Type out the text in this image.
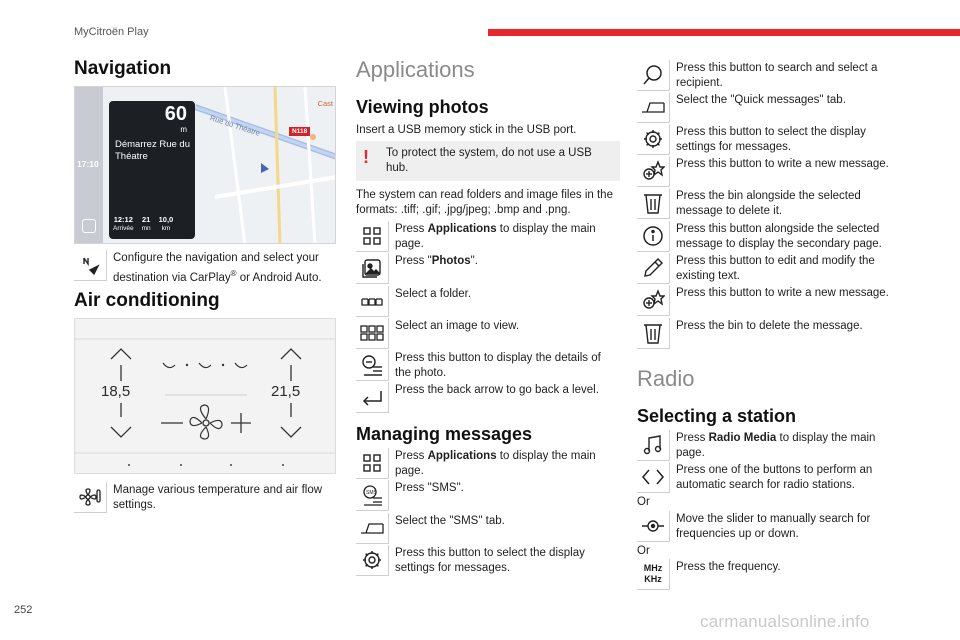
MyCitroën Play
Navigation
17:10
Rue du Théatre	N118
Cast
60
m
Démarrez Rue du Théatre
12:12
Arrivée
21
mn
10,0
km
Configure the navigation and select your destination via CarPlay® or Android Auto.
Air conditioning
18,5	21,5
Manage various temperature and air flow settings.
Applications
Viewing photos
Insert a USB memory stick in the USB port.
!	To protect the system, do not use a USB hub.
The system can read folders and image files in the formats: .tiff; .gif; .jpg/jpeg; .bmp and .png.
Press Applications to display the main page.
Press "Photos".
Select a folder.
Select an image to view.
Press this button to display the details of the photo.
Press the back arrow to go back a level.
Managing messages
Press Applications to display the main page.
SMS Press "SMS".
Select the "SMS" tab.
Press this button to select the display settings for messages.
Press this button to search and select a recipient.
Select the "Quick messages" tab.
Press this button to select the display settings for messages.
Press this button to write a new message.
Press the bin alongside the selected message to delete it.
Press this button alongside the selected message to display the secondary page.
Press this button to edit and modify the existing text.
Press this button to write a new message.
Press the bin to delete the message.
Radio
Selecting a station
Press Radio Media to display the main page.
Press one of the buttons to perform an automatic search for radio stations.
Or
Move the slider to manually search for frequencies up or down.
Or
MHz
KHz
Press the frequency.
252
carmanualsonline.info
